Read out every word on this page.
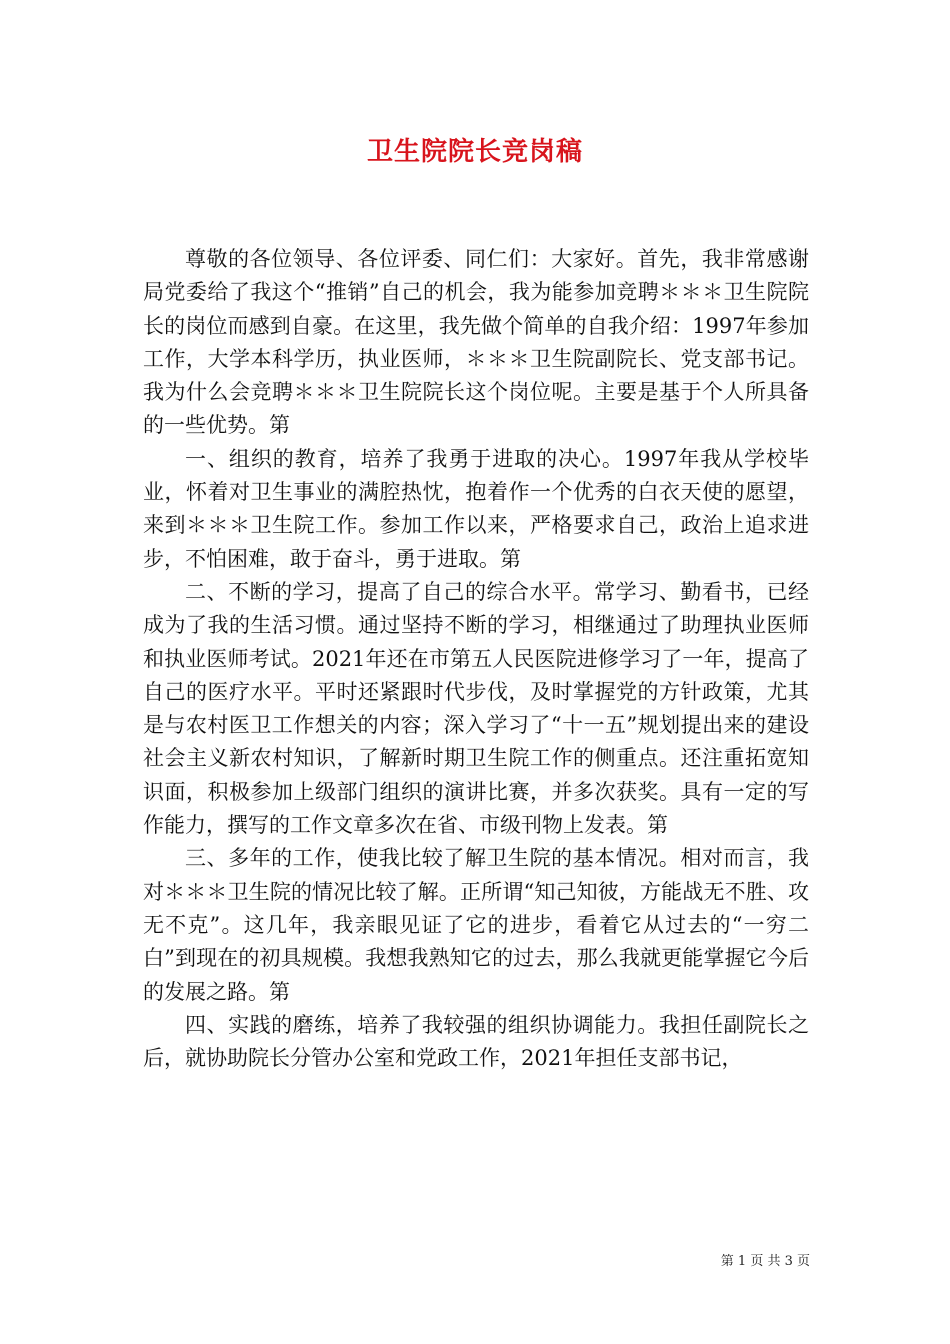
卫生院院长竞岗稿

尊敬的各位领导、各位评委、同仁们：大家好。首先，我非常感谢局党委给了我这个“推销”自己的机会，我为能参加竞聘＊＊＊卫生院院长的岗位而感到自豪。在这里，我先做个简单的自我介绍：1997年参加工作，大学本科学历，执业医师，＊＊＊卫生院副院长、党支部书记。我为什么会竞聘＊＊＊卫生院院长这个岗位呢。主要是基于个人所具备的一些优势。第

一、组织的教育，培养了我勇于进取的决心。1997年我从学校毕业，怀着对卫生事业的满腔热忱，抱着作一个优秀的白衣天使的愿望，来到＊＊＊卫生院工作。参加工作以来，严格要求自己，政治上追求进步，不怕困难，敢于奋斗，勇于进取。第

二、不断的学习，提高了自己的综合水平。常学习、勤看书，已经成为了我的生活习惯。通过坚持不断的学习，相继通过了助理执业医师和执业医师考试。2021年还在市第五人民医院进修学习了一年，提高了自己的医疗水平。平时还紧跟时代步伐，及时掌握党的方针政策，尤其是与农村医卫工作想关的内容；深入学习了“十一五”规划提出来的建设社会主义新农村知识，了解新时期卫生院工作的侧重点。还注重拓宽知识面，积极参加上级部门组织的演讲比赛，并多次获奖。具有一定的写作能力，撰写的工作文章多次在省、市级刊物上发表。第

三、多年的工作，使我比较了解卫生院的基本情况。相对而言，我对＊＊＊卫生院的情况比较了解。正所谓“知己知彼，方能战无不胜、攻无不克”。这几年，我亲眼见证了它的进步，看着它从过去的“一穷二白”到现在的初具规模。我想我熟知它的过去，那么我就更能掌握它今后的发展之路。第

四、实践的磨练，培养了我较强的组织协调能力。我担任副院长之后，就协助院长分管办公室和党政工作，2021年担任支部书记，

第 1 页 共 3 页
